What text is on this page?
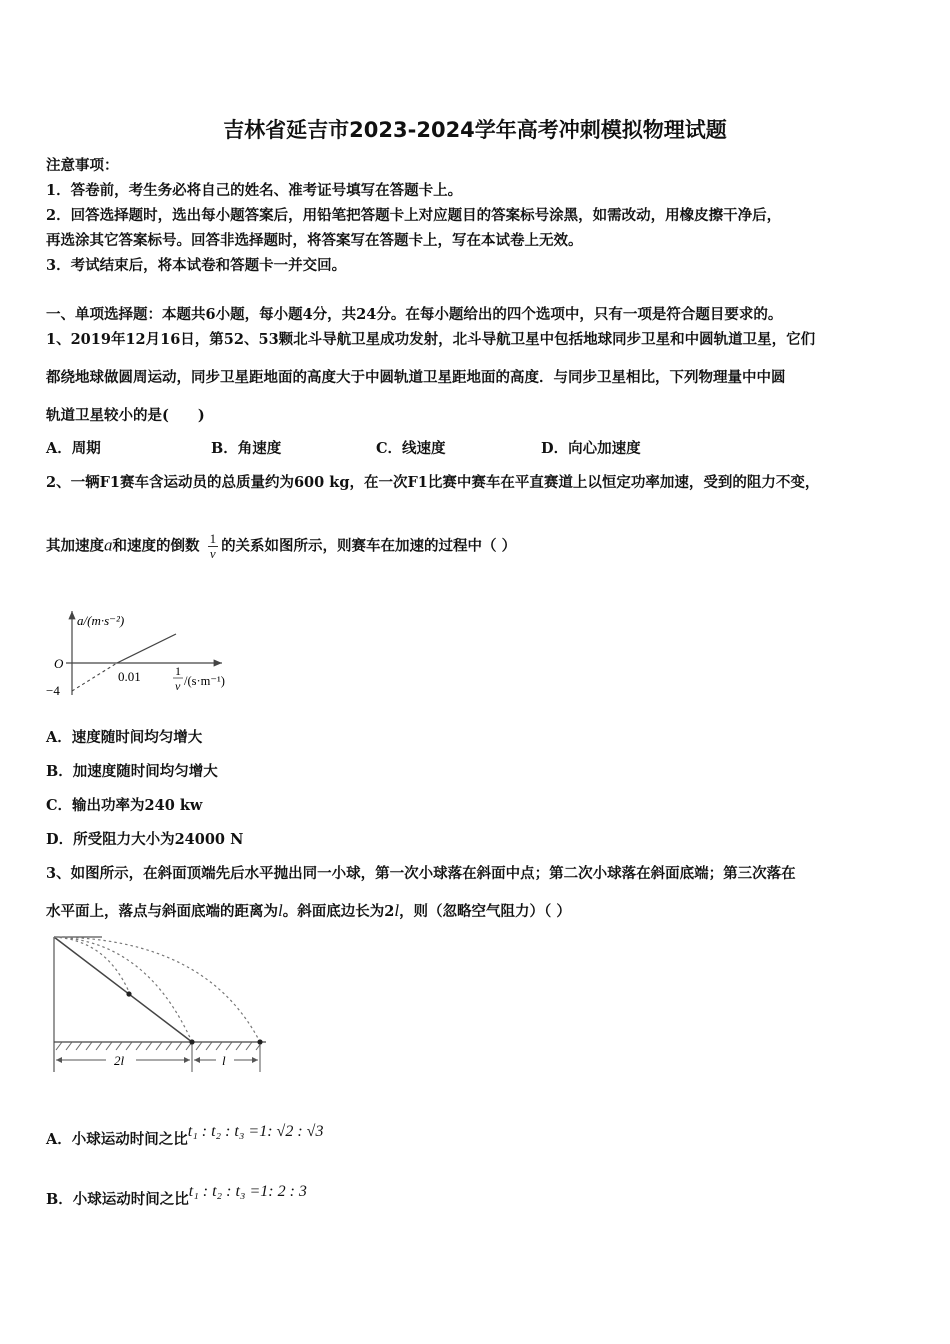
吉林省延吉市2023-2024学年高考冲刺模拟物理试题
注意事项：
1．答卷前，考生务必将自己的姓名、准考证号填写在答题卡上。
2．回答选择题时，选出每小题答案后，用铅笔把答题卡上对应题目的答案标号涂黑，如需改动，用橡皮擦干净后，
再选涂其它答案标号。回答非选择题时，将答案写在答题卡上，写在本试卷上无效。
3．考试结束后，将本试卷和答题卡一并交回。
一、单项选择题：本题共6小题，每小题4分，共24分。在每小题给出的四个选项中，只有一项是符合题目要求的。
1、2019年12月16日，第52、53颗北斗导航卫星成功发射，北斗导航卫星中包括地球同步卫星和中圆轨道卫星，它们
都绕地球做圆周运动，同步卫星距地面的高度大于中圆轨道卫星距地面的高度．与同步卫星相比，下列物理量中中圆
轨道卫星较小的是(　　)
A．周期	B．角速度	C．线速度	D．向心加速度
2、一辆F1赛车含运动员的总质量约为600 kg，在一次F1比赛中赛车在平直赛道上以恒定功率加速，受到的阻力不变，
其加速度a和速度的倒数 $\frac{1}{v}$ 的关系如图所示，则赛车在加速的过程中（ ）
a/(m·s⁻²)
O
−4
0.01	1
v /(s·m⁻¹)
A．速度随时间均匀增大
B．加速度随时间均匀增大
C．输出功率为240 kw
D．所受阻力大小为24000 N
3、如图所示，在斜面顶端先后水平抛出同一小球，第一次小球落在斜面中点；第二次小球落在斜面底端；第三次落在
水平面上，落点与斜面底端的距离为l。斜面底边长为2l，则（忽略空气阻力）（ ）
2l	l
A．小球运动时间之比t₁ : t₂ : t₃ =1: √2 : √3
B．小球运动时间之比t₁ : t₂ : t₃ =1: 2 : 3
